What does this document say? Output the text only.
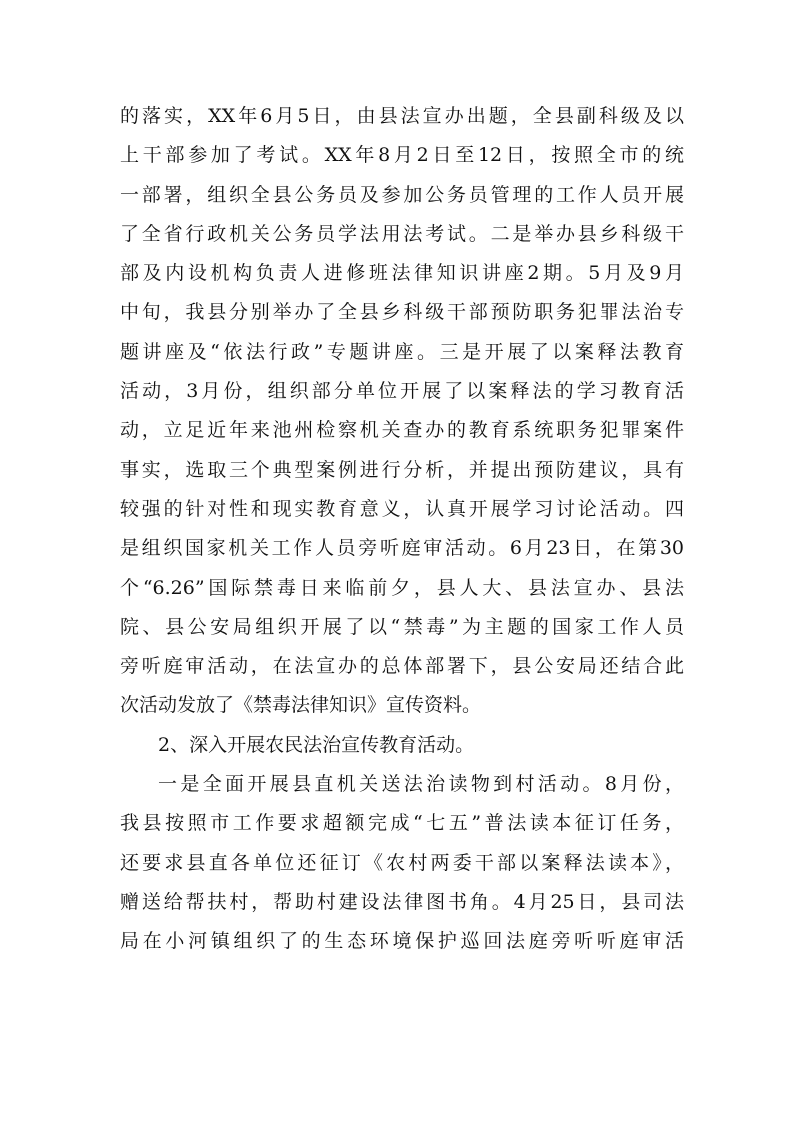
的落实，XX年6月5日，由县法宣办出题，全县副科级及以
上干部参加了考试。XX年8月2日至12日，按照全市的统
一部署，组织全县公务员及参加公务员管理的工作人员开展
了全省行政机关公务员学法用法考试。二是举办县乡科级干
部及内设机构负责人进修班法律知识讲座2期。5月及9月
中旬，我县分别举办了全县乡科级干部预防职务犯罪法治专
题讲座及“依法行政”专题讲座。三是开展了以案释法教育
活动，3月份，组织部分单位开展了以案释法的学习教育活
动，立足近年来池州检察机关查办的教育系统职务犯罪案件
事实，选取三个典型案例进行分析，并提出预防建议，具有
较强的针对性和现实教育意义，认真开展学习讨论活动。四
是组织国家机关工作人员旁听庭审活动。6月23日，在第30
个“6.26”国际禁毒日来临前夕，县人大、县法宣办、县法
院、县公安局组织开展了以“禁毒”为主题的国家工作人员
旁听庭审活动，在法宣办的总体部署下，县公安局还结合此
次活动发放了《禁毒法律知识》宣传资料。
2、深入开展农民法治宣传教育活动。
一是全面开展县直机关送法治读物到村活动。8月份，
我县按照市工作要求超额完成“七五”普法读本征订任务，
还要求县直各单位还征订《农村两委干部以案释法读本》，
赠送给帮扶村，帮助村建设法律图书角。4月25日，县司法
局在小河镇组织了的生态环境保护巡回法庭旁听听庭审活
